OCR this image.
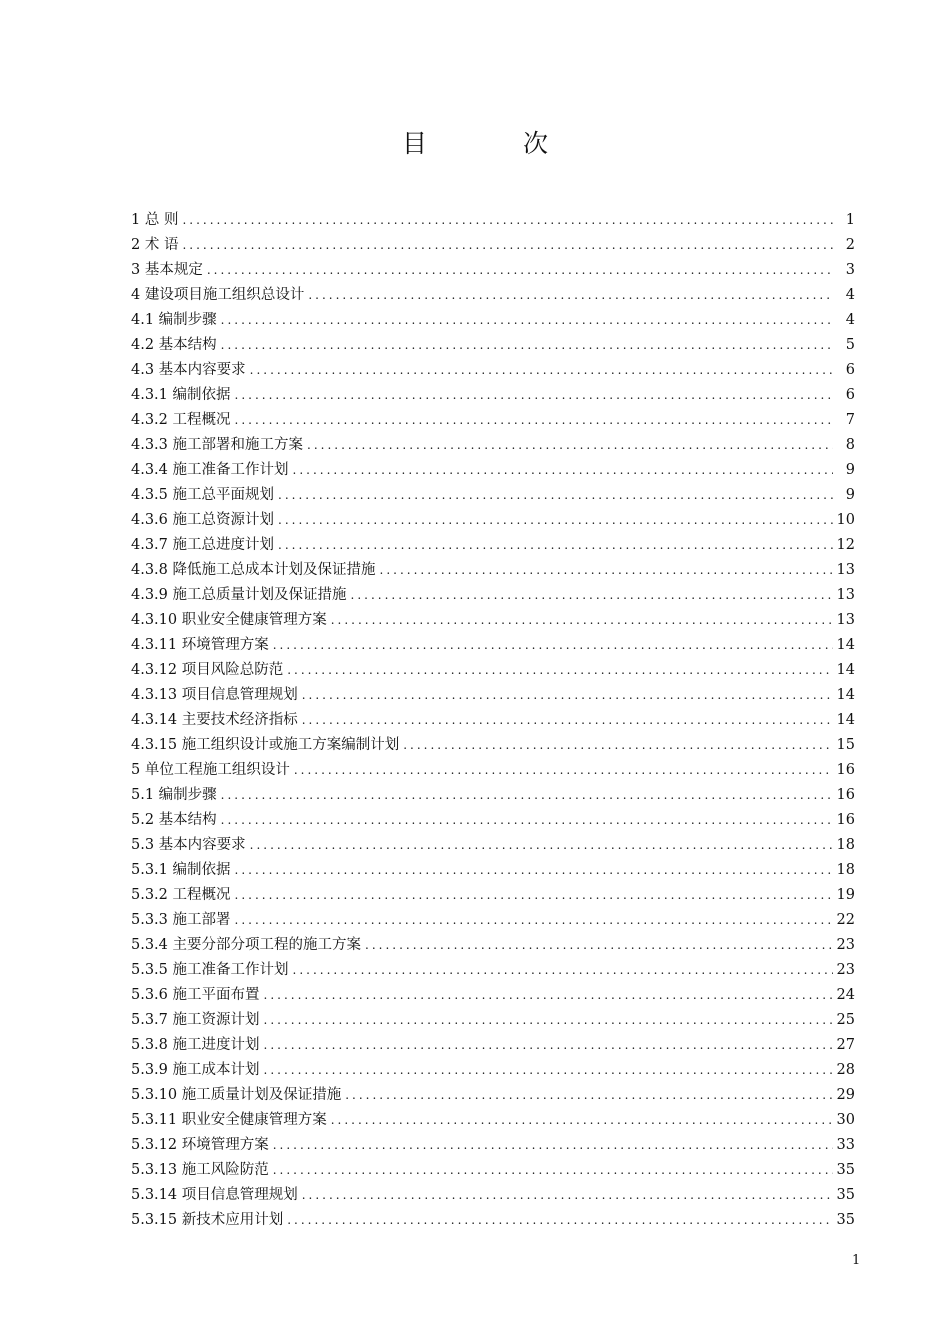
目 次
1 总 则 .....	1
2 术 语 .....	2
3 基本规定 .....	3
4 建设项目施工组织总设计 .....	4
4.1 编制步骤 .....	4
4.2 基本结构 .....	5
4.3 基本内容要求 .....	6
4.3.1 编制依据 .....	6
4.3.2 工程概况 .....	7
4.3.3 施工部署和施工方案 .....	8
4.3.4 施工准备工作计划 .....	9
4.3.5 施工总平面规划 .....	9
4.3.6 施工总资源计划 .....	10
4.3.7 施工总进度计划 .....	12
4.3.8 降低施工总成本计划及保证措施 .....	13
4.3.9 施工总质量计划及保证措施 .....	13
4.3.10 职业安全健康管理方案 .....	13
4.3.11 环境管理方案 .....	14
4.3.12 项目风险总防范 .....	14
4.3.13 项目信息管理规划 .....	14
4.3.14 主要技术经济指标 .....	14
4.3.15 施工组织设计或施工方案编制计划 .....	15
5 单位工程施工组织设计 .....	16
5.1 编制步骤 .....	16
5.2 基本结构 .....	16
5.3 基本内容要求 .....	18
5.3.1 编制依据 .....	18
5.3.2 工程概况 .....	19
5.3.3 施工部署 .....	22
5.3.4 主要分部分项工程的施工方案 .....	23
5.3.5 施工准备工作计划 .....	23
5.3.6 施工平面布置 .....	24
5.3.7 施工资源计划 .....	25
5.3.8 施工进度计划 .....	27
5.3.9 施工成本计划 .....	28
5.3.10 施工质量计划及保证措施 .....	29
5.3.11 职业安全健康管理方案 .....	30
5.3.12 环境管理方案 .....	33
5.3.13 施工风险防范 .....	35
5.3.14 项目信息管理规划 .....	35
5.3.15 新技术应用计划 .....	35
1
